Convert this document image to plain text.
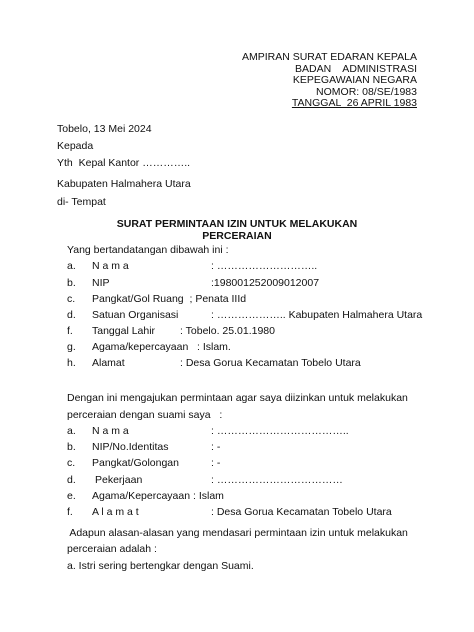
AMPIRAN SURAT EDARAN KEPALA
BADAN    ADMINISTRASI
KEPEGAWAIAN NEGARA
NOMOR: 08/SE/1983
TANGGAL  26 APRIL 1983
Tobelo, 13 Mei 2024
Kepada
Yth  Kepal Kantor …………..
Kabupaten Halmahera Utara
di- Tempat
SURAT PERMINTAAN IZIN UNTUK MELAKUKAN
PERCERAIAN
Yang bertandatangan dibawah ini :
a. N a m a	: ………………………..
b. NIP	:198001252009012007
c. Pangkat/Gol Ruang  ; Penata IIId
d. Satuan Organisasi	: ……………….. Kabupaten Halmahera Utara
f. Tanggal Lahir : Tobelo. 25.01.1980
g. Agama/kepercayaan : Islam.
h. Alamat	: Desa Gorua Kecamatan Tobelo Utara
Dengan ini mengajukan permintaan agar saya diizinkan untuk melakukan
perceraian dengan suami saya   :
a. N a m a	: ………………………………..
b. NIP/No.Identitas	: -
c. Pangkat/Golongan	: -
d. Pekerjaan	: ………………………………
e. Agama/Kepercayaan : Islam
f. A l a m a t	: Desa Gorua Kecamatan Tobelo Utara
Adapun alasan-alasan yang mendasari permintaan izin untuk melakukan
perceraian adalah :
a. Istri sering bertengkar dengan Suami.
